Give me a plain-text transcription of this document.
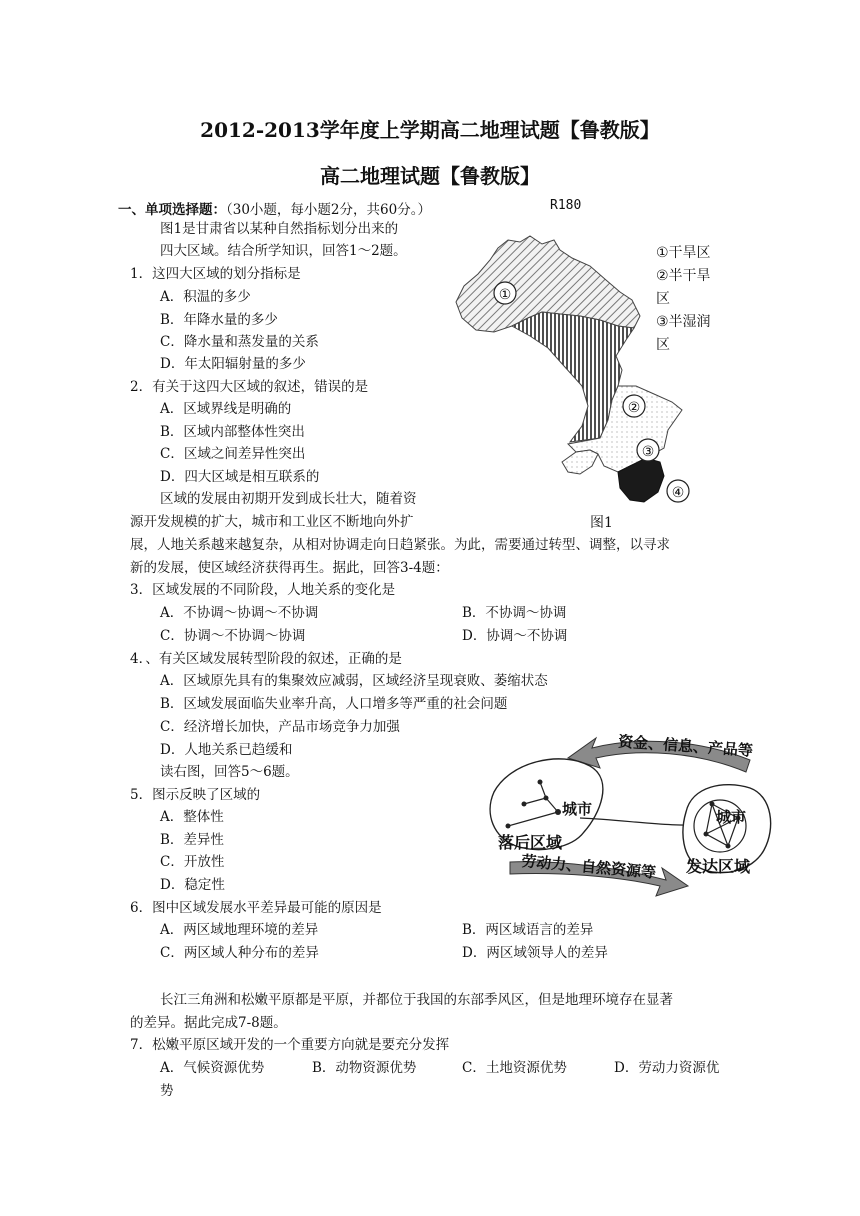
2012-2013学年度上学期高二地理试题【鲁教版】
高二地理试题【鲁教版】
一、单项选择题：（30小题，每小题2分，共60分。）	R180
图1是甘肃省以某种自然指标划分出来的
四大区域。结合所学知识，回答1～2题。
1．这四大区域的划分指标是
A．积温的多少
B．年降水量的多少
C．降水量和蒸发量的关系
D．年太阳辐射量的多少
2．有关于这四大区域的叙述，错误的是
A．区域界线是明确的
B．区域内部整体性突出
C．区域之间差异性突出
D．四大区域是相互联系的
①
②
③
④
①干旱区
②半干旱
区
③半湿润
区
区域的发展由初期开发到成长壮大，随着资
源开发规模的扩大，城市和工业区不断地向外扩	图1
展，人地关系越来越复杂，从相对协调走向日趋紧张。为此，需要通过转型、调整，以寻求
新的发展，使区域经济获得再生。据此，回答3-4题：
3．区域发展的不同阶段，人地关系的变化是
A．不协调～协调～不协调	B．不协调～协调
C．协调～不协调～协调	D．协调～不协调
4．、有关区域发展转型阶段的叙述，正确的是
A．区域原先具有的集聚效应减弱，区域经济呈现衰败、萎缩状态
B．区域发展面临失业率升高，人口增多等严重的社会问题
C．经济增长加快，产品市场竞争力加强
D．人地关系已趋缓和
读右图，回答5～6题。
资金、信息、产品等
城市
落后区域
城市
发达区域
劳动力、自然资源等
5．图示反映了区域的
A．整体性
B．差异性
C．开放性
D．稳定性
6．图中区域发展水平差异最可能的原因是
A．两区域地理环境的差异	B．两区域语言的差异
C．两区域人种分布的差异	D．两区域领导人的差异
长江三角洲和松嫩平原都是平原，并都位于我国的东部季风区，但是地理环境存在显著
的差异。据此完成7-8题。
7．松嫩平原区域开发的一个重要方向就是要充分发挥
A．气候资源优势	B．动物资源优势	C．土地资源优势	D．劳动力资源优
势
